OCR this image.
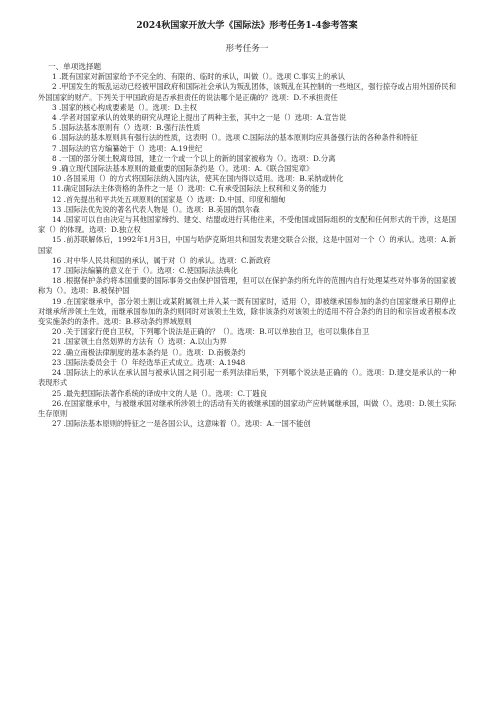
2024秋国家开放大学《国际法》形考任务1-4参考答案
形考任务一
一、单项选择题

1 .既有国家对新国家给予不完全的、有限的、临时的承认，叫做（）。选项 C.事实上的承认

2 .甲国发生的叛乱运动已经被甲国政府和国际社会承认为叛乱团体，该叛乱在其控制的一些地区，强行掠夺或占用外国侨民和外国国家的财产。下列关于甲国政府是否承担责任的说法哪个是正确的？选项：D.不承担责任

3 .国家的核心构成要素是（）。选项：D.主权

4 .学者对国家承认的效果的研究从理论上提出了两种主张，其中之一是（）选项：A.宣告说

5 .国际法基本原则有（）选项：B.强行法性质

6 .国际法的基本原则具有强行法的性质，这表明（）。选项 C.国际法的基本原则均应具备强行法的各种条件和特征

7 .国际法的官方编纂始于（）选项：A.19世纪

8 .一国的部分领土脱离母国，建立一个或一个以上的新的国家被称为（）。选项：D.分离

9 .确立现代国际法基本原则的最重要的国际条约是（）。选项：A.《联合国宪章》

10 .各国采用（）的方式将国际法纳入国内法，使其在国内得以适用。选项：B.采纳或转化

11.确定国际法主体资格的条件之一是（）选项：C.有承受国际法上权利和义务的能力

12 .首先提出和平共处五项原则的国家是（）选项：D.中国、印度和缅甸

13 .国际法优先说的著名代表人物是（）。选项：B.美国的凯尔森

14 .国家可以自由决定与其他国家缔约、建交、结盟或进行其他往来，不受他国或国际组织的支配和任何形式的干涉，这是国家（）的体现。选项：D.独立权

15 .前苏联解体后，1992年1月3日，中国与哈萨克斯坦共和国发表建交联合公报，这是中国对一个（）的承认。选项：A.新国家

16 .对中华人民共和国的承认，属于对（）的承认。选项：C.新政府

17 .国际法编纂的意义在于（）。选项：C.使国际法法典化

18 .根据保护条约将本国重要的国际事务交由保护国管理，但可以在保护条约所允许的范围内自行处理某些对外事务的国家被称为（）。选项：B.被保护国

19 .在国家继承中，部分领土割让或某附属领土并入某一既有国家时，适用（），即被继承国参加的条约自国家继承日期停止对继承所涉领土生效，而继承国参加的条约则同时对该领土生效，除非该条约对该领土的适用不符合条约的目的和宗旨或者根本改变实施条约的条件。选项：B.移动条约界域原则

20 .关于国家行使自卫权，下列哪个说法是正确的？（）。选项：B.可以单独自卫，也可以集体自卫

21 .国家领土自然划界的方法有（）选项：A.以山为界

22 .确立南极法律制度的基本条约是（）。选项：D.南极条约

23 .国际法委员会于（）年经选举正式成立。选项：A.1948

24 .国际法上的承认在承认国与被承认国之间引起一系列法律后果，下列哪个说法是正确的（）。选项：D.建交是承认的一种表现形式

25 .最先把国际法著作系统的译成中文的人是（）。选项：C.丁韪良

26.在国家继承中，与被继承国对继承所涉领土的活动有关的被继承国的国家动产应转属继承国，叫做（）。选项：D.领土实际生存原则

27 .国际法基本原则的特征之一是各国公认，这意味着（）。选项：A.一国不能创
